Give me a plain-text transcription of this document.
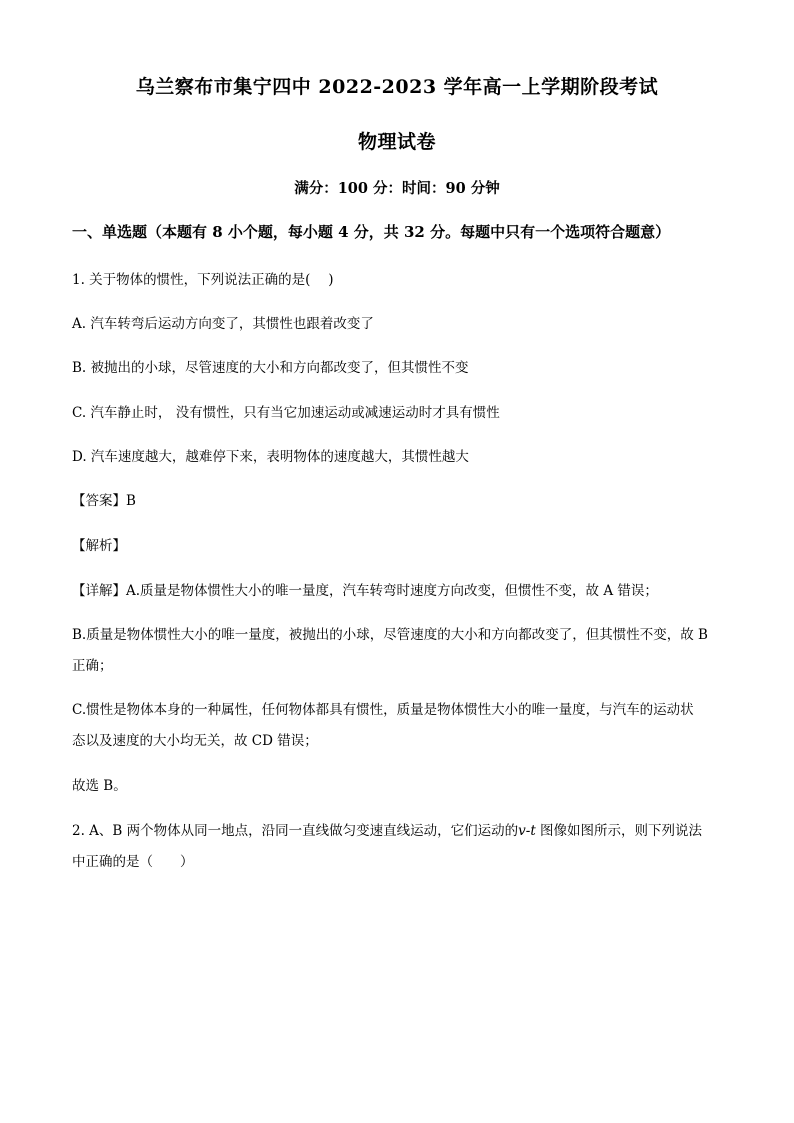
乌兰察布市集宁四中 2022-2023 学年高一上学期阶段考试
物理试卷
满分：100 分：时间：90 分钟
一、单选题（本题有 8 小个题，每小题 4 分，共 32 分。每题中只有一个选项符合题意）
1. 关于物体的惯性，下列说法正确的是(　 )
A. 汽车转弯后运动方向变了，其惯性也跟着改变了
B. 被抛出的小球，尽管速度的大小和方向都改变了，但其惯性不变
C. 汽车静止时， 没有惯性，只有当它加速运动或减速运动时才具有惯性
D. 汽车速度越大，越难停下来，表明物体的速度越大，其惯性越大
【答案】B
【解析】
【详解】A.质量是物体惯性大小的唯一量度，汽车转弯时速度方向改变，但惯性不变，故 A 错误；
B.质量是物体惯性大小的唯一量度，被抛出的小球，尽管速度的大小和方向都改变了，但其惯性不变，故 B
正确；
C.惯性是物体本身的一种属性，任何物体都具有惯性，质量是物体惯性大小的唯一量度，与汽车的运动状
态以及速度的大小均无关，故 CD 错误；
故选 B。
2. A、B 两个物体从同一地点，沿同一直线做匀变速直线运动，它们运动的v-t 图像如图所示，则下列说法
中正确的是（　　）
